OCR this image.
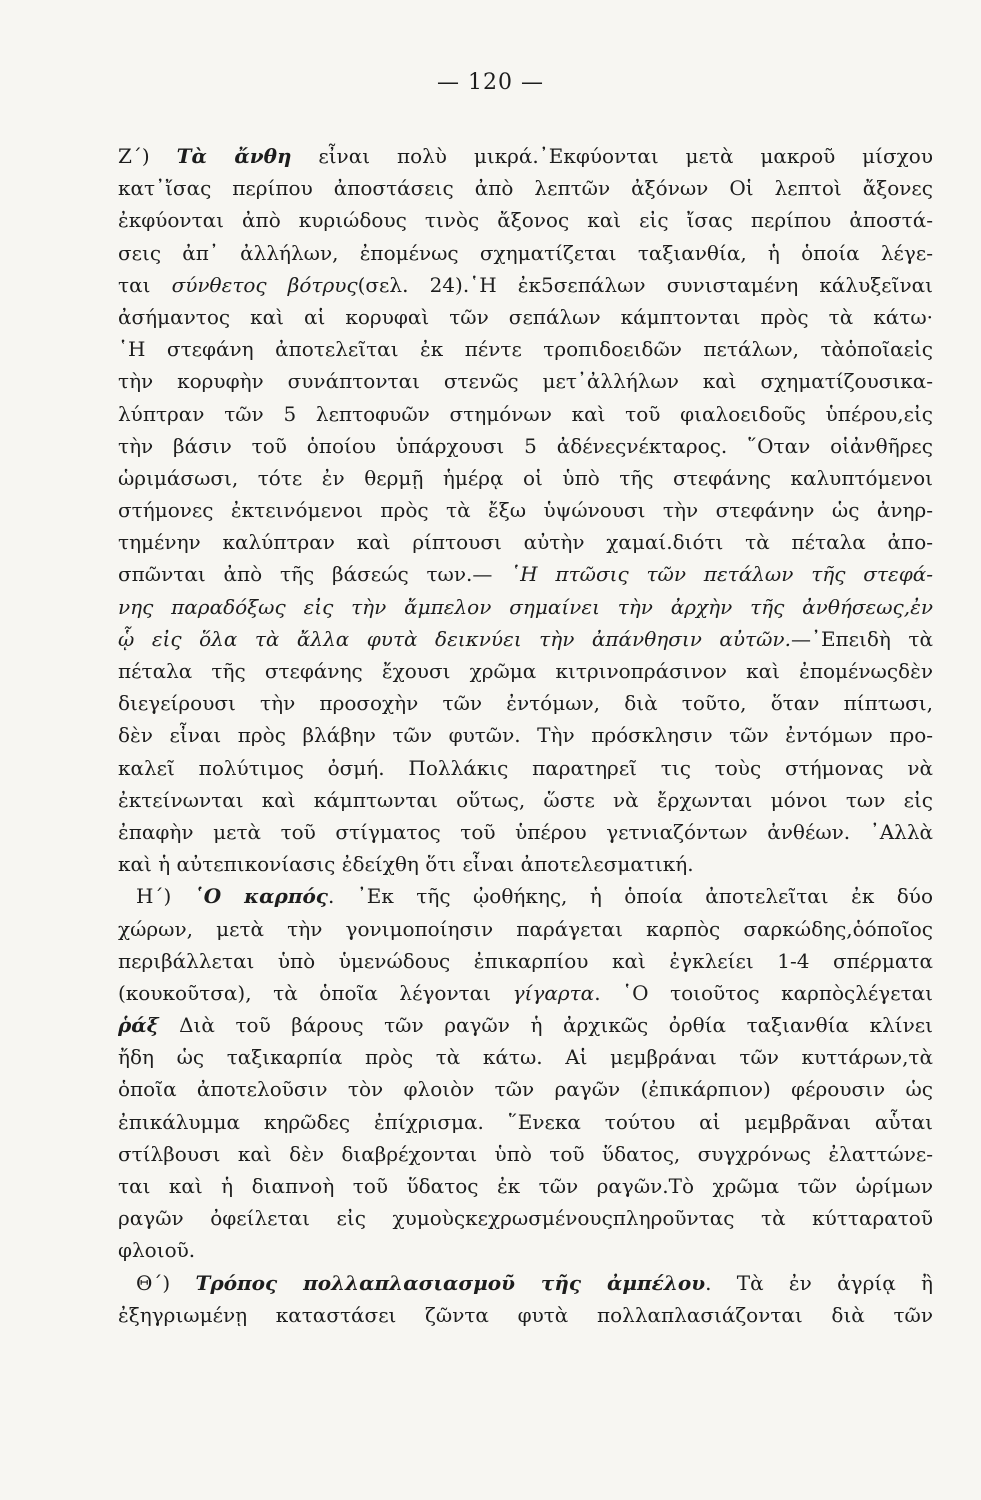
— 120 —
Ζ΄) Τὰ ἄνθη εἶναι πολὺ μικρά.᾿Εκφύονται μετὰ μακροῦ μίσχου
κατ᾿ἴσας περίπου ἀποστάσεις ἀπὸ λεπτῶν ἀξόνων Οἱ λεπτοὶ ἄξονες
ἐκφύονται ἀπὸ κυριώδους τινὸς ἄξονος καὶ εἰς ἴσας περίπου ἀποστά-
σεις ἀπ᾿ ἀλλήλων, ἐπομένως σχηματίζεται ταξιανθία, ἡ ὁποία λέγε-
ται σύνθετος βότρυς(σελ. 24).῾Η ἐκ5σεπάλων συνισταμένη κάλυξεῖναι
ἀσήμαντος καὶ αἱ κορυφαὶ τῶν σεπάλων κάμπτονται πρὸς τὰ κάτω·
῾Η στεφάνη ἀποτελεῖται ἐκ πέντε τροπιδοειδῶν πετάλων, τὰὁποῖαεἰς
τὴν κορυφὴν συνάπτονται στενῶς μετ᾿ἀλλήλων καὶ σχηματίζουσικα-
λύπτραν τῶν 5 λεπτοφυῶν στημόνων καὶ τοῦ φιαλοειδοῦς ὑπέρου,εἰς
τὴν βάσιν τοῦ ὁποίου ὑπάρχουσι 5 ἀδένεςνέκταρος. ῞Οταν οἱἀνθῆρες
ὡριμάσωσι, τότε ἐν θερμῇ ἡμέρᾳ οἱ ὑπὸ τῆς στεφάνης καλυπτόμενοι
στήμονες ἐκτεινόμενοι πρὸς τὰ ἔξω ὑψώνουσι τὴν στεφάνην ὡς ἀνηρ-
τημένην καλύπτραν καὶ ρίπτουσι αὐτὴν χαμαί.διότι τὰ πέταλα ἀπο-
σπῶνται ἀπὸ τῆς βάσεώς των.— ῾Η πτῶσις τῶν πετάλων τῆς στεφά-
νης παραδόξως εἰς τὴν ἄμπελον σημαίνει τὴν ἀρχὴν τῆς ἀνθήσεως,ἐν
ᾧ εἰς ὅλα τὰ ἄλλα φυτὰ δεικνύει τὴν ἀπάνθησιν αὐτῶν.—᾿Επειδὴ τὰ
πέταλα τῆς στεφάνης ἔχουσι χρῶμα κιτρινοπράσινον καὶ ἐπομένωςδὲν
διεγείρουσι τὴν προσοχὴν τῶν ἐντόμων, διὰ τοῦτο, ὅταν πίπτωσι,
δὲν εἶναι πρὸς βλάβην τῶν φυτῶν. Τὴν πρόσκλησιν τῶν ἐντόμων προ-
καλεῖ πολύτιμος ὀσμή. Πολλάκις παρατηρεῖ τις τοὺς στήμονας νὰ
ἐκτείνωνται καὶ κάμπτωνται οὕτως, ὥστε νὰ ἔρχωνται μόνοι των εἰς
ἐπαφὴν μετὰ τοῦ στίγματος τοῦ ὑπέρου γετνιαζόντων ἀνθέων. ᾿Αλλὰ
καὶ ἡ αὐτεπικονίασις ἐδείχθη ὅτι εἶναι ἀποτελεσματική.
Η΄) ῾Ο καρπός. ᾿Εκ τῆς ᾠοθήκης, ἡ ὁποία ἀποτελεῖται ἐκ δύο
χώρων, μετὰ τὴν γονιμοποίησιν παράγεται καρπὸς σαρκώδης,ὁόποῖος
περιβάλλεται ὑπὸ ὑμενώδους ἐπικαρπίου καὶ ἐγκλείει 1-4 σπέρματα
(κουκοῦτσα), τὰ ὁποῖα λέγονται γίγαρτα. ῾Ο τοιοῦτος καρπὸςλέγεται
ῥάξ Διὰ τοῦ βάρους τῶν ραγῶν ἡ ἀρχικῶς ὀρθία ταξιανθία κλίνει
ἤδη ὡς ταξικαρπία πρὸς τὰ κάτω. Αἱ μεμβράναι τῶν κυττάρων,τὰ
ὁποῖα ἀποτελοῦσιν τὸν φλοιὸν τῶν ραγῶν (ἐπικάρπιον) φέρουσιν ὡς
ἐπικάλυμμα κηρῶδες ἐπίχρισμα. ῞Ενεκα τούτου αἱ μεμβρᾶναι αὗται
στίλβουσι καὶ δὲν διαβρέχονται ὑπὸ τοῦ ὕδατος, συγχρόνως ἐλαττώνε-
ται καὶ ἡ διαπνοὴ τοῦ ὕδατος ἐκ τῶν ραγῶν.Τὸ χρῶμα τῶν ὡρίμων
ραγῶν ὀφείλεται εἰς χυμοὺςκεχρωσμένουςπληροῦντας τὰ κύτταρατοῦ
φλοιοῦ.
Θ΄) Τρόπος πολλαπλασιασμοῦ τῆς ἀμπέλου. Τὰ ἐν ἀγρίᾳ ἢ
ἐξηγριωμένῃ καταστάσει ζῶντα φυτὰ πολλαπλασιάζονται διὰ τῶν
